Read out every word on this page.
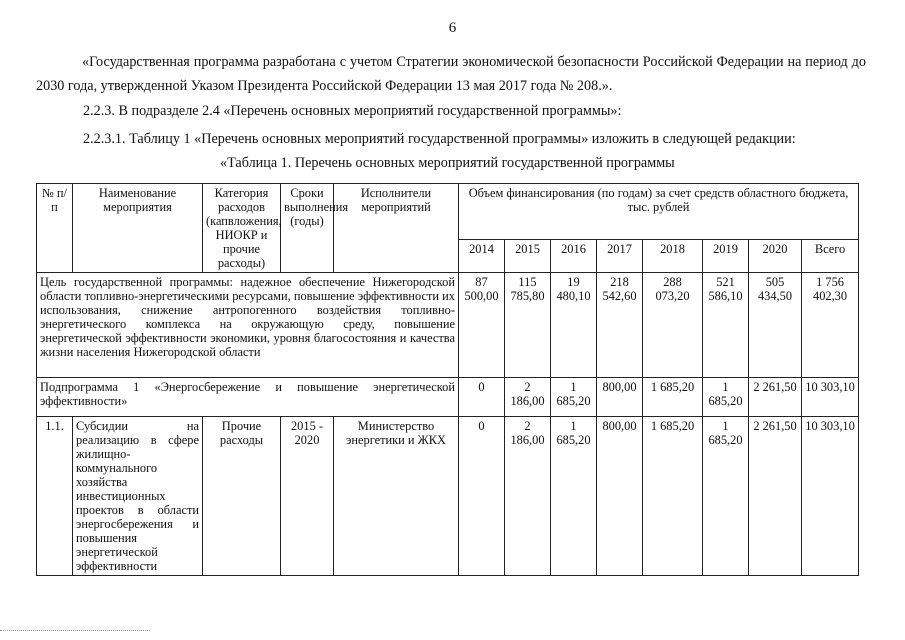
6

«Государственная программа разработана с учетом Стратегии экономической безопасности Российской Федерации на период до 2030 года, утвержденной Указом Президента Российской Федерации 13 мая 2017 года № 208.».

2.2.3. В подразделе 2.4 «Перечень основных мероприятий государственной программы»:

2.2.3.1. Таблицу 1 «Перечень основных мероприятий государственной программы» изложить в следующей редакции:

«Таблица 1. Перечень основных мероприятий государственной программы
№ п/п	Наименование мероприятия	Категория расходов (капвложения, НИОКР и прочие расходы)	Сроки выполнения (годы)	Исполнители мероприятий	Объем финансирования (по годам) за счет средств областного бюджета, тыс. рублей							
					2014	2015	2016	2017	2018	2019	2020	Всего
Цель государственной программы: надежное обеспечение Нижегородской области топливно-энергетическими ресурсами, повышение эффективности их использования, снижение антропогенного воздействия топливно-энергетического комплекса на окружающую среду, повышение энергетической эффективности экономики, уровня благосостояния и качества жизни населения Нижегородской области					87 500,00	115 785,80	19 480,10	218 542,60	288 073,20	521 586,10	505 434,50	1 756 402,30
Подпрограмма 1 «Энергосбережение и повышение энергетической эффективности»					0	2 186,00	1 685,20	800,00	1 685,20	1 685,20	2 261,50	10 303,10
1.1.	Субсидии на реализацию в сфере жилищно-коммунального хозяйства инвестиционных проектов в области энергосбережения и повышения энергетической эффективности	Прочие расходы	2015 - 2020	Министерство энергетики и ЖКХ	0	2 186,00	1 685,20	800,00	1 685,20	1 685,20	2 261,50	10 303,10
